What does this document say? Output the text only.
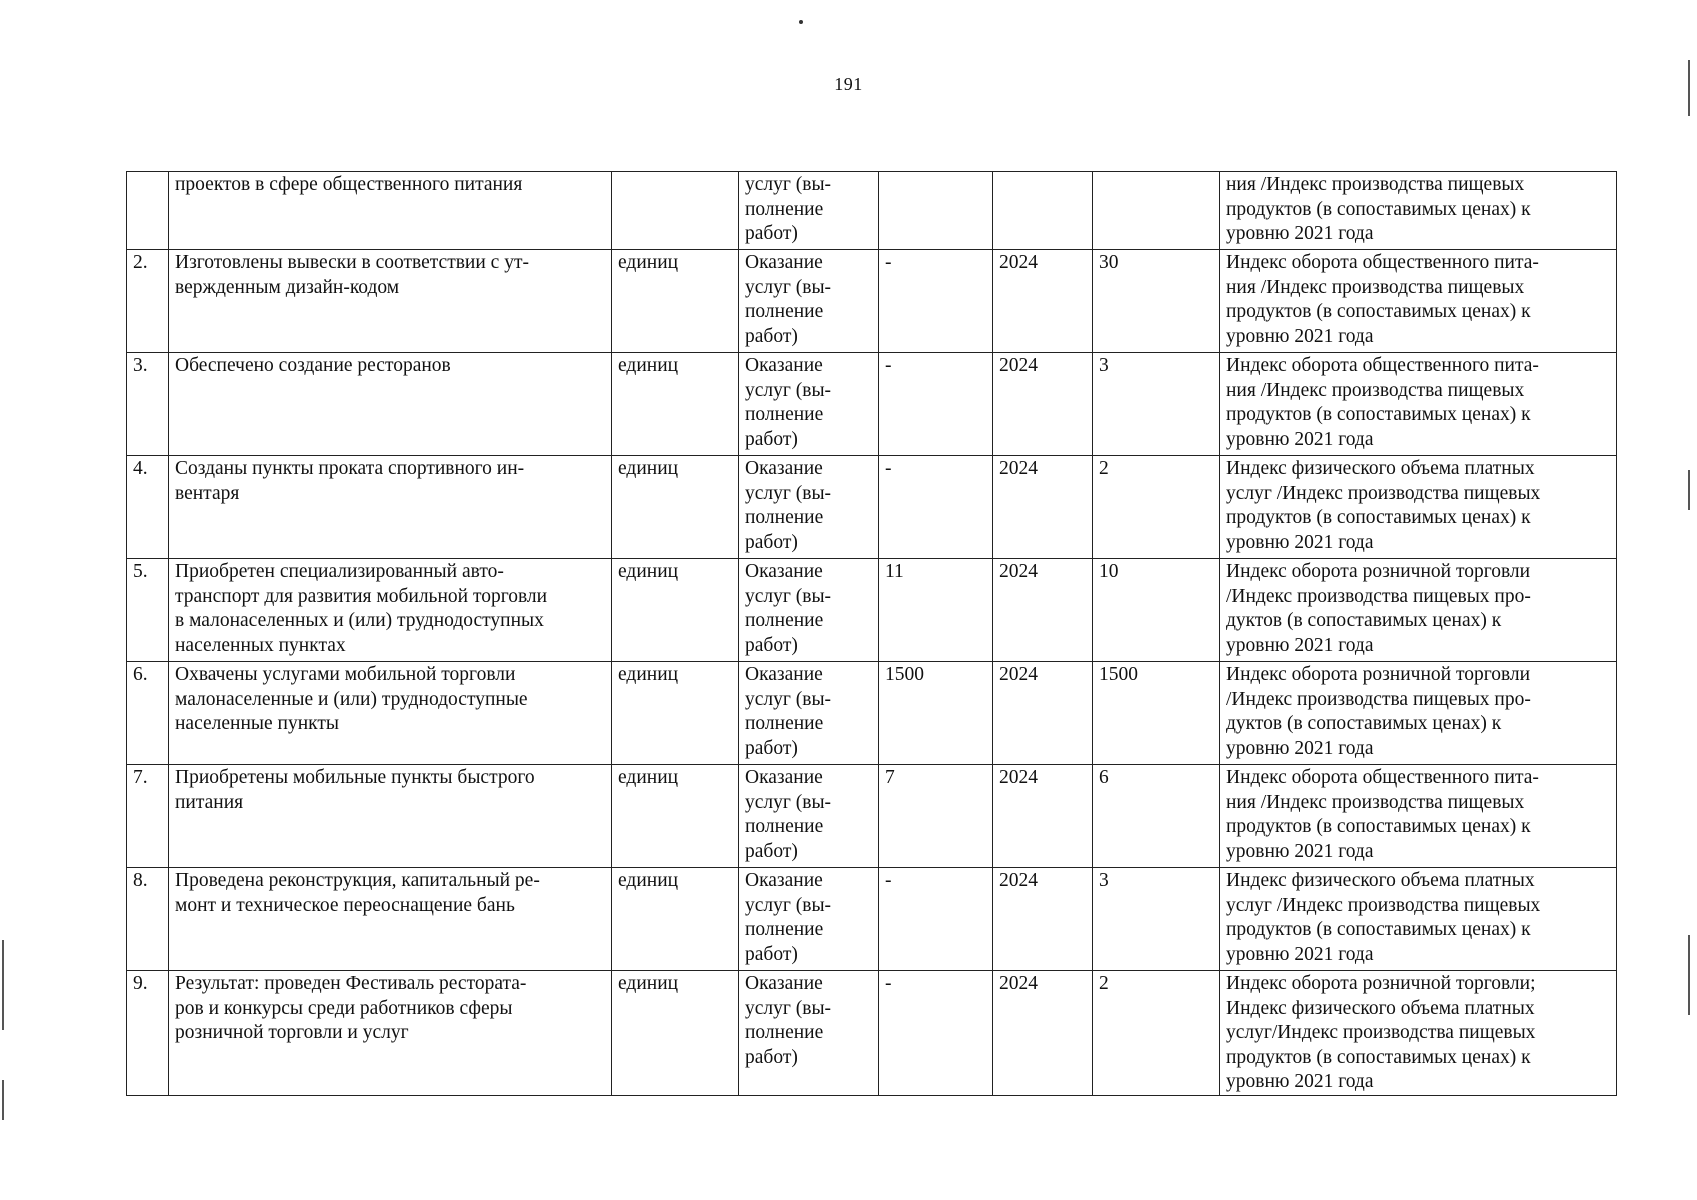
191
	проектов в сфере общественного питания		услуг (вы-
полнение
работ)				ния /Индекс производства пищевых
продуктов (в сопоставимых ценах) к
уровню 2021 года
2.	Изготовлены вывески в соответствии с ут-
вержденным дизайн-кодом	единиц	Оказание
услуг (вы-
полнение
работ)	-	2024	30	Индекс оборота общественного пита-
ния /Индекс производства пищевых
продуктов (в сопоставимых ценах) к
уровню 2021 года
3.	Обеспечено создание ресторанов	единиц	Оказание
услуг (вы-
полнение
работ)	-	2024	3	Индекс оборота общественного пита-
ния /Индекс производства пищевых
продуктов (в сопоставимых ценах) к
уровню 2021 года
4.	Созданы пункты проката спортивного ин-
вентаря	единиц	Оказание
услуг (вы-
полнение
работ)	-	2024	2	Индекс физического объема платных
услуг /Индекс производства пищевых
продуктов (в сопоставимых ценах) к
уровню 2021 года
5.	Приобретен специализированный авто-
транспорт для развития мобильной торговли
в малонаселенных и (или) труднодоступных
населенных пунктах	единиц	Оказание
услуг (вы-
полнение
работ)	11	2024	10	Индекс оборота розничной торговли
/Индекс производства пищевых про-
дуктов (в сопоставимых ценах) к
уровню 2021 года
6.	Охвачены услугами мобильной торговли
малонаселенные и (или) труднодоступные
населенные пункты	единиц	Оказание
услуг (вы-
полнение
работ)	1500	2024	1500	Индекс оборота розничной торговли
/Индекс производства пищевых про-
дуктов (в сопоставимых ценах) к
уровню 2021 года
7.	Приобретены мобильные пункты быстрого
питания	единиц	Оказание
услуг (вы-
полнение
работ)	7	2024	6	Индекс оборота общественного пита-
ния /Индекс производства пищевых
продуктов (в сопоставимых ценах) к
уровню 2021 года
8.	Проведена реконструкция, капитальный ре-
монт и техническое переоснащение бань	единиц	Оказание
услуг (вы-
полнение
работ)	-	2024	3	Индекс физического объема платных
услуг /Индекс производства пищевых
продуктов (в сопоставимых ценах) к
уровню 2021 года
9.	Результат: проведен Фестиваль рестората-
ров и конкурсы среди работников сферы
розничной торговли и услуг	единиц	Оказание
услуг (вы-
полнение
работ)	-	2024	2	Индекс оборота розничной торговли;
Индекс физического объема платных
услуг/Индекс производства пищевых
продуктов (в сопоставимых ценах) к
уровню 2021 года
